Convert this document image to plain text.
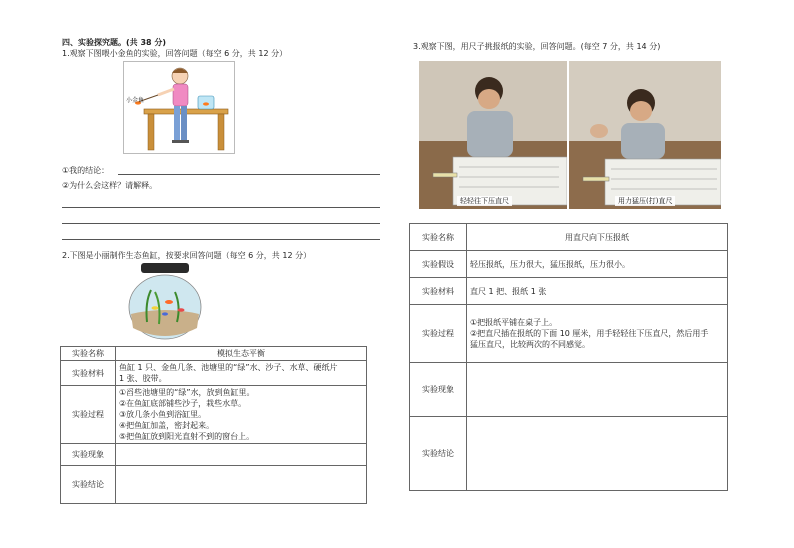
四、实验探究题。(共 38 分)
1.观察下图喂小金鱼的实验，回答问题（每空 6 分，共 12 分）
小金鱼
①我的结论：
②为什么会这样？请解释。
2.下图是小丽制作生态鱼缸，按要求回答问题（每空 6 分，共 12 分）
实验名称	模拟生态平衡
实验材料	鱼缸 1 只、金鱼几条、池塘里的“绿”水、沙子、水草、硬纸片
1 张、胶带。

实验过程	①舀些池塘里的“绿”水，放到鱼缸里。
②在鱼缸底部铺些沙子，栽些水草。
③放几条小鱼到浴缸里。
④把鱼缸加盖，密封起来。
⑤把鱼缸放到阳光直射不到的窗台上。

实验现象	
实验结论	
3.观察下图，用尺子挑报纸的实验，回答问题。(每空 7 分，共 14 分)
轻轻往下压直尺	用力猛压(打)直尺
实验名称	用直尺向下压报纸
实验假设	轻压报纸，压力很大，猛压报纸，压力很小。
实验材料	直尺 1 把、报纸 1 张
实验过程	①把报纸平铺在桌子上。
②把直尺插在报纸的下面 10 厘米，用手轻轻往下压直尺，然后用手
猛压直尺，比较两次的不同感觉。

实验现象	
实验结论	
